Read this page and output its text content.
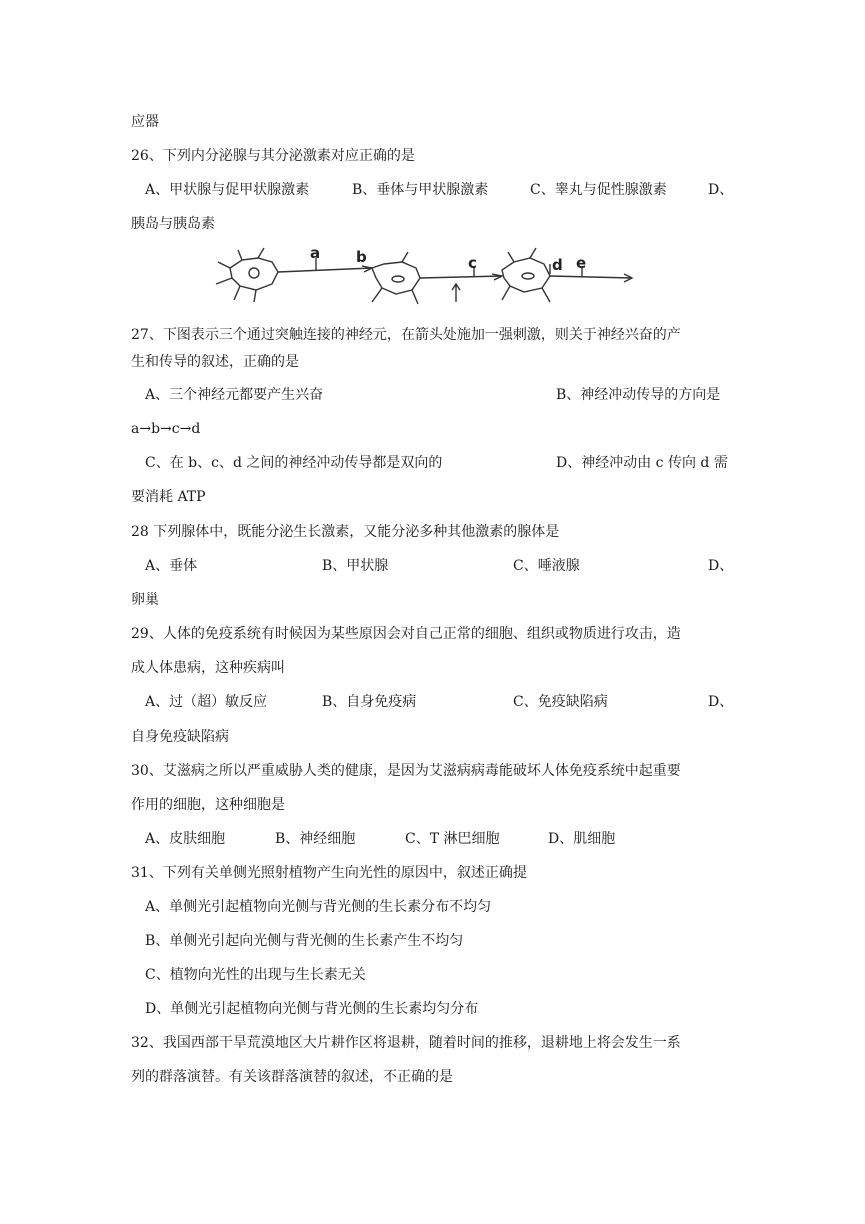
应器
26、下列内分泌腺与其分泌激素对应正确的是
A、甲状腺与促甲状腺激素	B、垂体与甲状腺激素	C、睾丸与促性腺激素	D、
胰岛与胰岛素
a b	c	d e
27、下图表示三个通过突触连接的神经元，在箭头处施加一强刺激，则关于神经兴奋的产
生和传导的叙述，正确的是
A、三个神经元都要产生兴奋	B、神经冲动传导的方向是
a→b→c→d
C、在 b、c、d 之间的神经冲动传导都是双向的	D、神经冲动由 c 传向 d 需
要消耗 ATP
28 下列腺体中，既能分泌生长激素，又能分泌多种其他激素的腺体是
A、垂体	B、甲状腺	C、唾液腺	D、
卵巢
29、人体的免疫系统有时候因为某些原因会对自己正常的细胞、组织或物质进行攻击，造
成人体患病，这种疾病叫
A、过（超）敏反应	B、自身免疫病	C、免疫缺陷病	D、
自身免疫缺陷病
30、艾滋病之所以严重威胁人类的健康，是因为艾滋病病毒能破坏人体免疫系统中起重要
作用的细胞，这种细胞是
A、皮肤细胞	B、神经细胞	C、T 淋巴细胞	D、肌细胞
31、下列有关单侧光照射植物产生向光性的原因中，叙述正确提
A、单侧光引起植物向光侧与背光侧的生长素分布不均匀
B、单侧光引起向光侧与背光侧的生长素产生不均匀
C、植物向光性的出现与生长素无关
D、单侧光引起植物向光侧与背光侧的生长素均匀分布
32、我国西部干旱荒漠地区大片耕作区将退耕，随着时间的推移，退耕地上将会发生一系
列的群落演替。有关该群落演替的叙述，不正确的是
